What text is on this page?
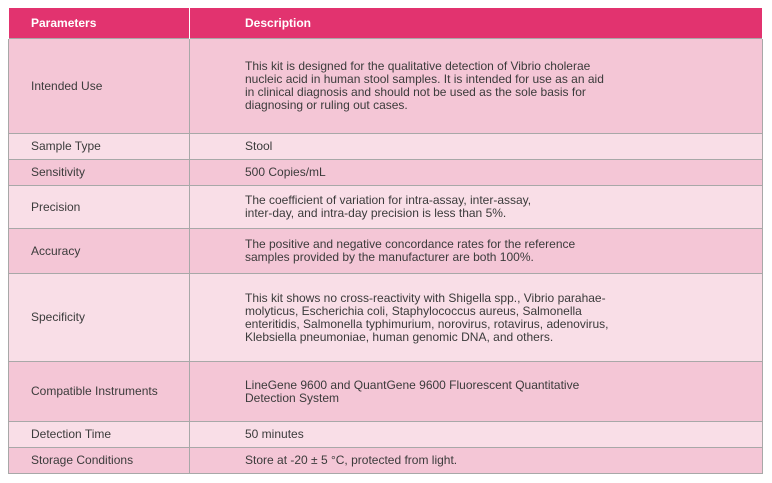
Parameters	Description
Intended Use	This kit is designed for the qualitative detection of Vibrio cholerae
nucleic acid in human stool samples. It is intended for use as an aid
in clinical diagnosis and should not be used as the sole basis for
diagnosing or ruling out cases.

Sample Type	Stool

Sensitivity	500 Copies/mL

Precision	The coefficient of variation for intra-assay, inter-assay,
inter-day, and intra-day precision is less than 5%.

Accuracy	The positive and negative concordance rates for the reference
samples provided by the manufacturer are both 100%.

Specificity	This kit shows no cross-reactivity with Shigella spp., Vibrio parahae-
molyticus, Escherichia coli, Staphylococcus aureus, Salmonella
enteritidis, Salmonella typhimurium, norovirus, rotavirus, adenovirus,
Klebsiella pneumoniae, human genomic DNA, and others.

Compatible Instruments	LineGene 9600 and QuantGene 9600 Fluorescent Quantitative
Detection System

Detection Time	50 minutes

Storage Conditions	Store at -20 ± 5 °C, protected from light.
